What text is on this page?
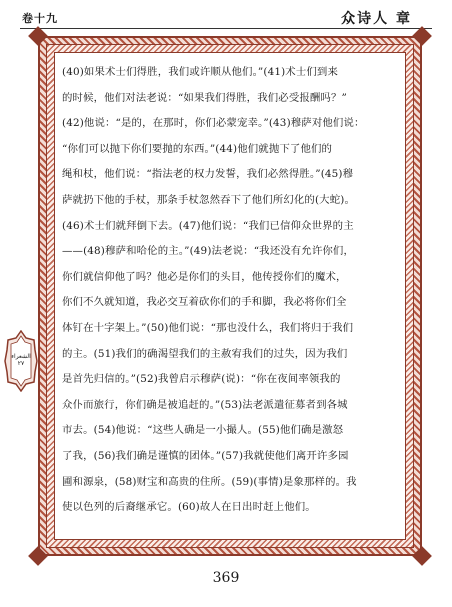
卷十九	众诗人 章
(40)如果术士们得胜，我们或许顺从他们。”(41)术士们到来
的时候，他们对法老说：“如果我们得胜，我们必受报酬吗？”
(42)他说：“是的，在那时，你们必蒙宠幸。”(43)穆萨对他们说：
“你们可以抛下你们要抛的东西。”(44)他们就抛下了他们的
绳和杖，他们说：“指法老的权力发誓，我们必然得胜。”(45)穆
萨就扔下他的手杖，那条手杖忽然吞下了他们所幻化的(大蛇)。
(46)术士们就拜倒下去。(47)他们说：“我们已信仰众世界的主
——(48)穆萨和哈伦的主。”(49)法老说：“我还没有允许你们，
你们就信仰他了吗？他必是你们的头目，他传授你们的魔术，
你们不久就知道，我必交互着砍你们的手和脚，我必将你们全
体钉在十字架上。”(50)他们说：“那也没什么，我们将归于我们
的主。(51)我们的确渴望我们的主赦宥我们的过失，因为我们
是首先归信的。”(52)我曾启示穆萨(说)：“你在夜间率领我的
众仆而旅行，你们确是被追赶的。”(53)法老派遣征募者到各城
市去。(54)他说：“这些人确是一小撮人。(55)他们确是激怒
了我，(56)我们确是谨慎的团体。”(57)我就使他们离开许多园
圃和源泉，(58)财宝和高贵的住所。(59)(事情)是象那样的。我
使以色列的后裔继承它。(60)故人在日出时赶上他们。
الشعراء
٢٧
369
